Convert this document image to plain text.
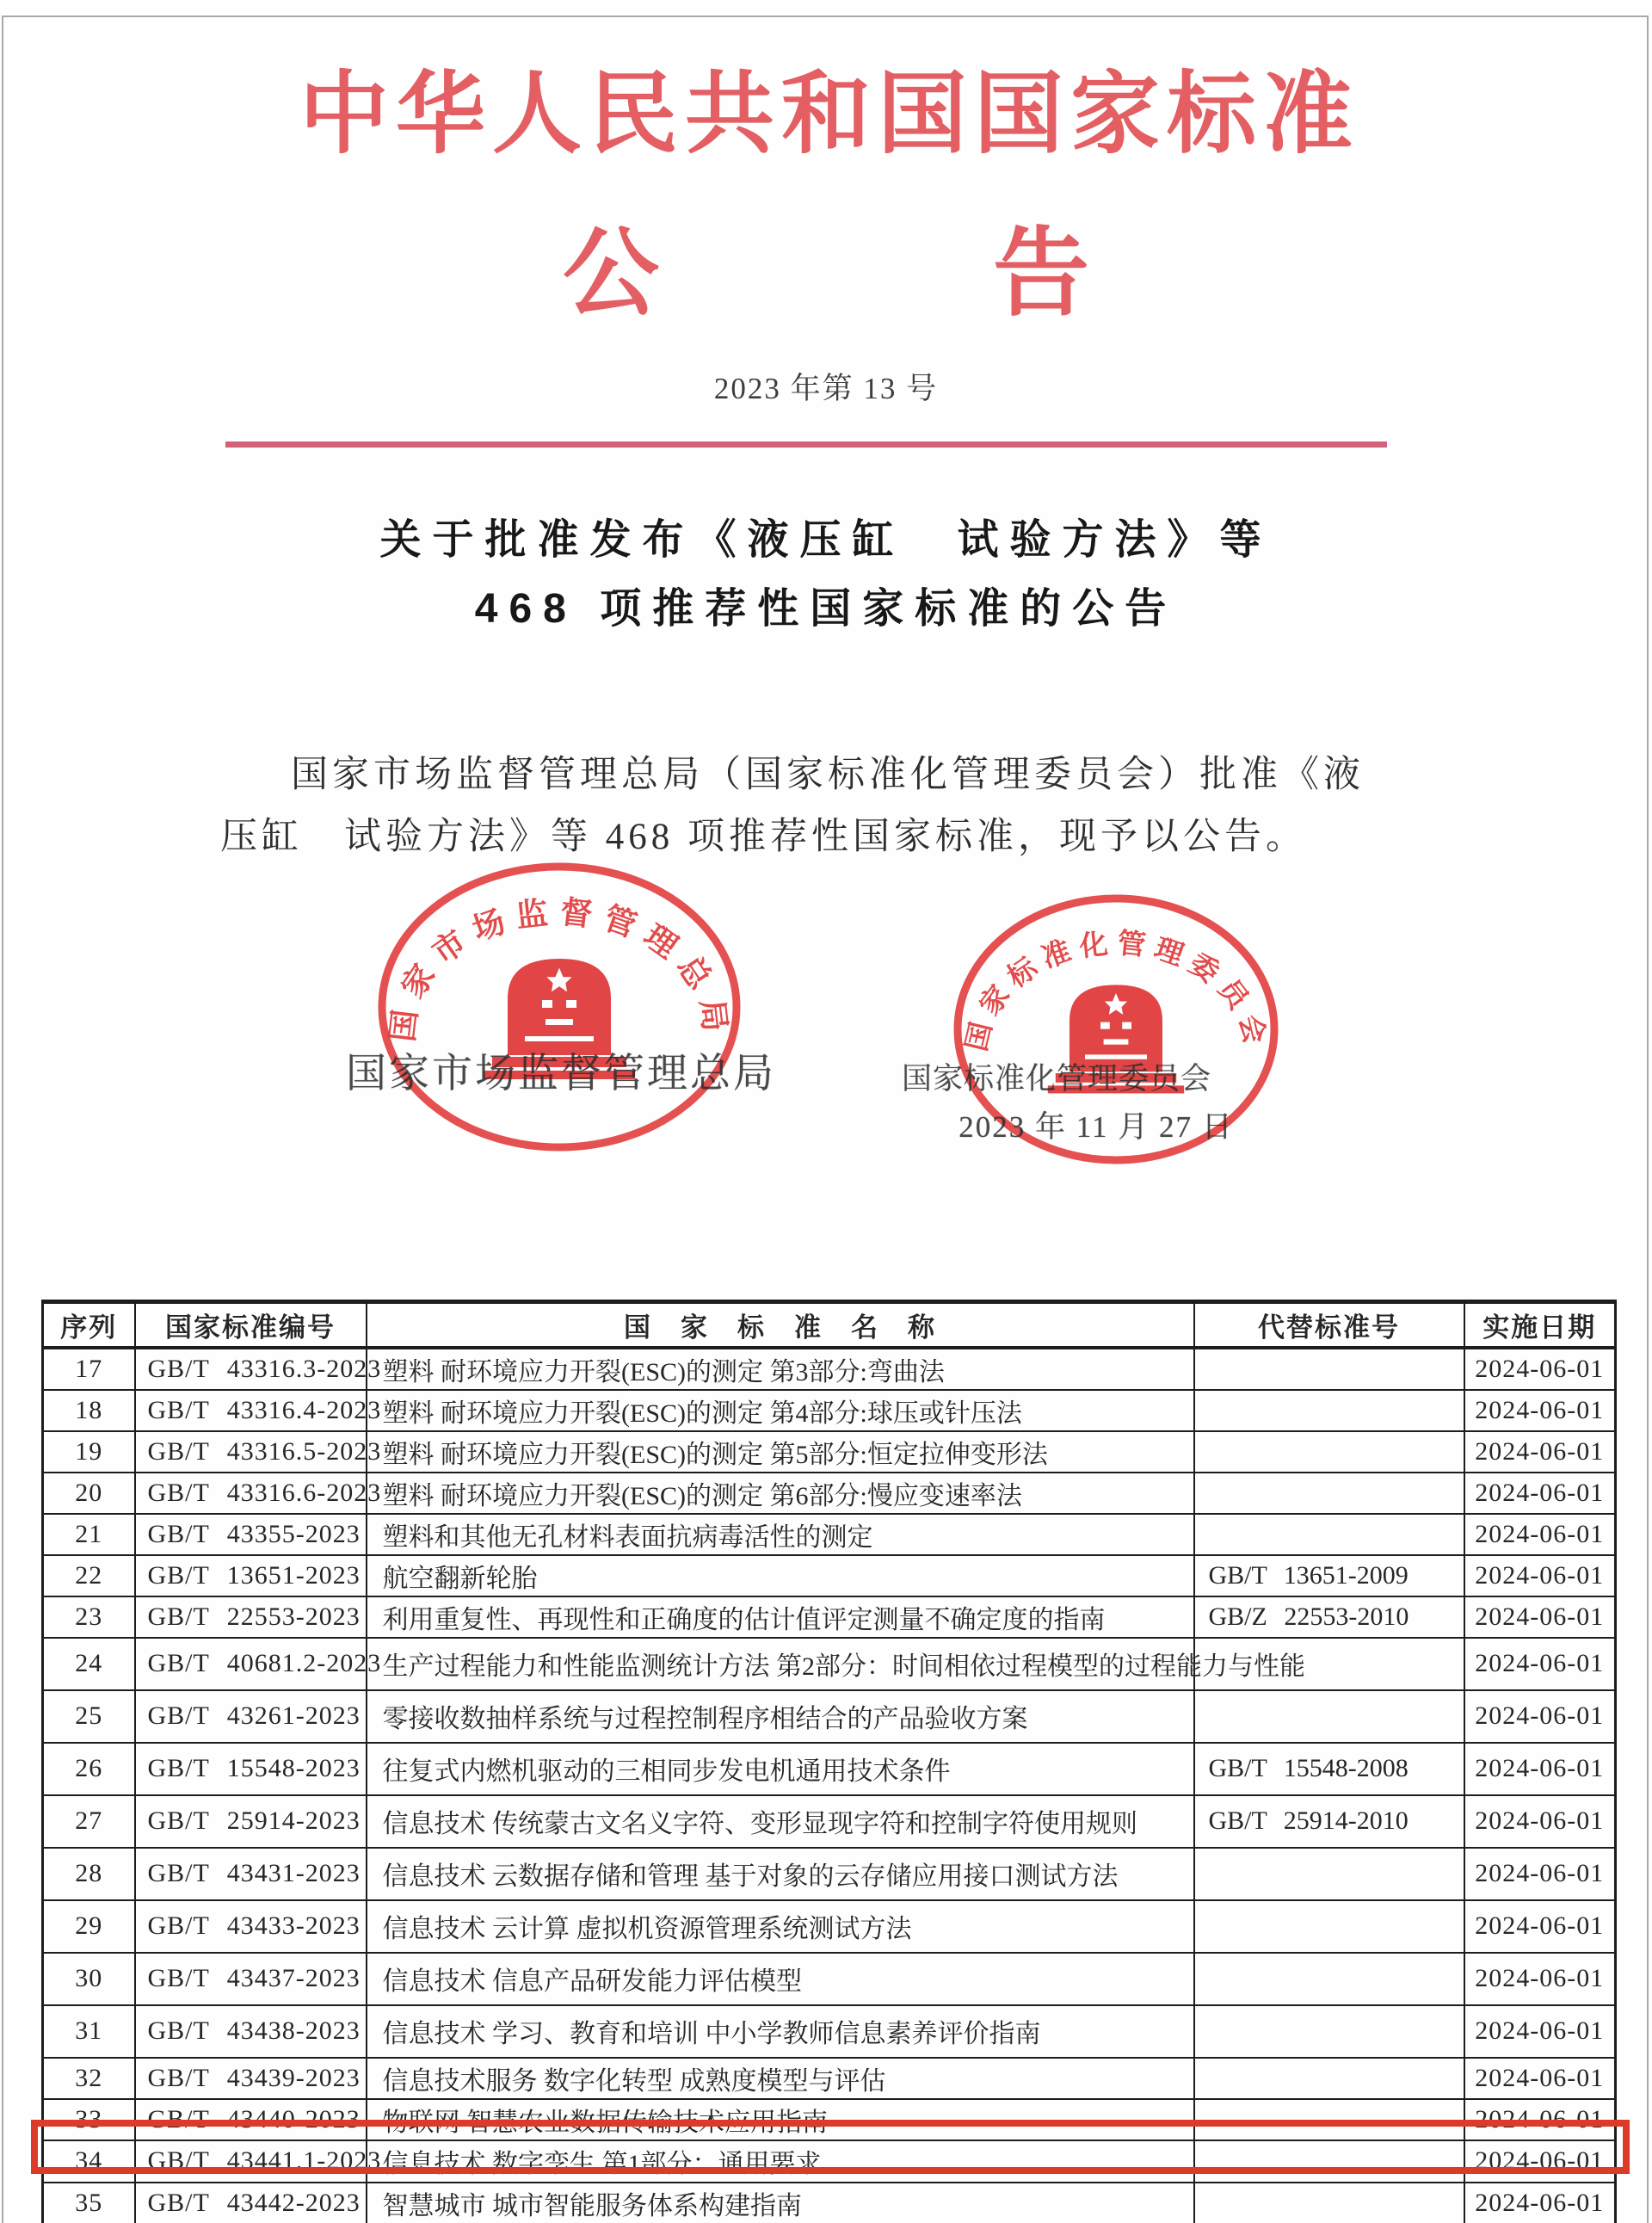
中华人民共和国国家标准
公	告
2023 年第 13 号
关于批准发布《液压缸　试验方法》等
468 项推荐性国家标准的公告
国家市场监督管理总局（国家标准化管理委员会）批准《液
压缸　试验方法》等 468 项推荐性国家标准，现予以公告。
国家市场监督管理总局	国家标准化管理委员会
国家市场监督管理总局	国家标准化管理委员会
2023 年 11 月 27 日
序列	国家标准编号	国　家　标　准　名　称	代替标准号	实施日期
17	GB/T 43316.3-2023	塑料 耐环境应力开裂(ESC)的测定 第3部分:弯曲法		2024-06-01
18	GB/T 43316.4-2023	塑料 耐环境应力开裂(ESC)的测定 第4部分:球压或针压法		2024-06-01
19	GB/T 43316.5-2023	塑料 耐环境应力开裂(ESC)的测定 第5部分:恒定拉伸变形法		2024-06-01
20	GB/T 43316.6-2023	塑料 耐环境应力开裂(ESC)的测定 第6部分:慢应变速率法		2024-06-01
21	GB/T 43355-2023	塑料和其他无孔材料表面抗病毒活性的测定		2024-06-01
22	GB/T 13651-2023	航空翻新轮胎	GB/T 13651-2009	2024-06-01
23	GB/T 22553-2023	利用重复性、再现性和正确度的估计值评定测量不确定度的指南	GB/Z 22553-2010	2024-06-01
24	GB/T 40681.2-2023	生产过程能力和性能监测统计方法 第2部分：时间相依过程模型的过程能力与性能		2024-06-01
25	GB/T 43261-2023	零接收数抽样系统与过程控制程序相结合的产品验收方案		2024-06-01
26	GB/T 15548-2023	往复式内燃机驱动的三相同步发电机通用技术条件	GB/T 15548-2008	2024-06-01
27	GB/T 25914-2023	信息技术 传统蒙古文名义字符、变形显现字符和控制字符使用规则	GB/T 25914-2010	2024-06-01
28	GB/T 43431-2023	信息技术 云数据存储和管理 基于对象的云存储应用接口测试方法		2024-06-01
29	GB/T 43433-2023	信息技术 云计算 虚拟机资源管理系统测试方法		2024-06-01
30	GB/T 43437-2023	信息技术 信息产品研发能力评估模型		2024-06-01
31	GB/T 43438-2023	信息技术 学习、教育和培训 中小学教师信息素养评价指南		2024-06-01
32	GB/T 43439-2023	信息技术服务 数字化转型 成熟度模型与评估		2024-06-01
33	GB/T 43440-2023	物联网 智慧农业数据传输技术应用指南		2024-06-01
34	GB/T 43441.1-2023	信息技术 数字孪生 第1部分：通用要求		2024-06-01
35	GB/T 43442-2023	智慧城市 城市智能服务体系构建指南		2024-06-01
